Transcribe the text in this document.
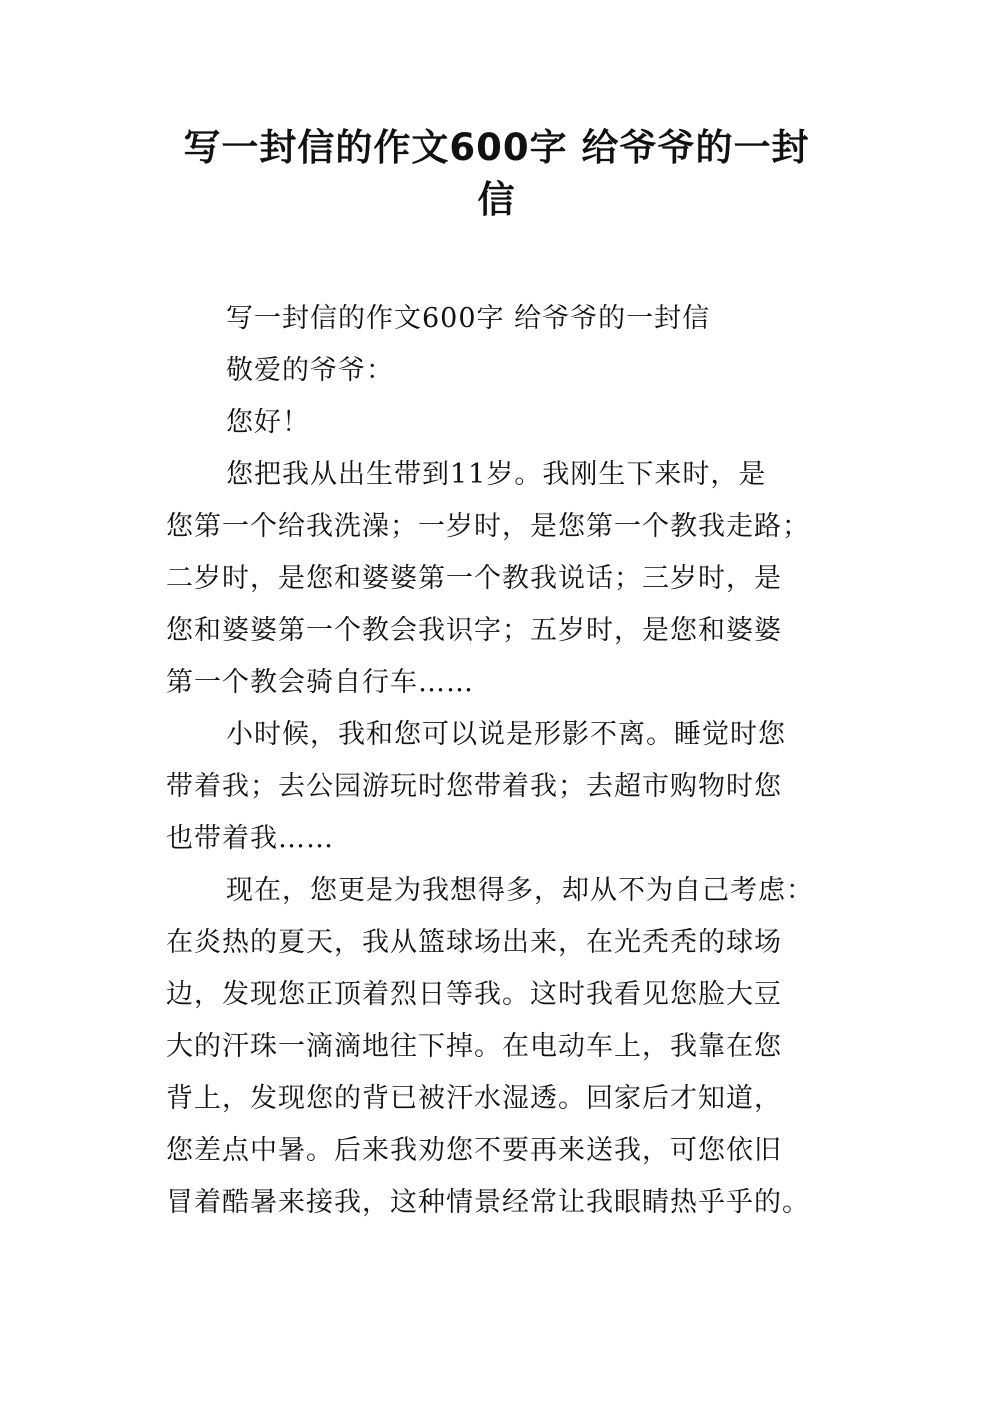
写一封信的作文600字 给爷爷的一封
信
写一封信的作文600字 给爷爷的一封信
敬爱的爷爷：
您好！
您把我从出生带到11岁。我刚生下来时，是
您第一个给我洗澡；一岁时，是您第一个教我走路；
二岁时，是您和婆婆第一个教我说话；三岁时，是
您和婆婆第一个教会我识字；五岁时，是您和婆婆
第一个教会骑自行车……
小时候，我和您可以说是形影不离。睡觉时您
带着我；去公园游玩时您带着我；去超市购物时您
也带着我……
现在，您更是为我想得多，却从不为自己考虑：
在炎热的夏天，我从篮球场出来，在光秃秃的球场
边，发现您正顶着烈日等我。这时我看见您脸大豆
大的汗珠一滴滴地往下掉。在电动车上，我靠在您
背上，发现您的背已被汗水湿透。回家后才知道，
您差点中暑。后来我劝您不要再来送我，可您依旧
冒着酷暑来接我，这种情景经常让我眼睛热乎乎的。
